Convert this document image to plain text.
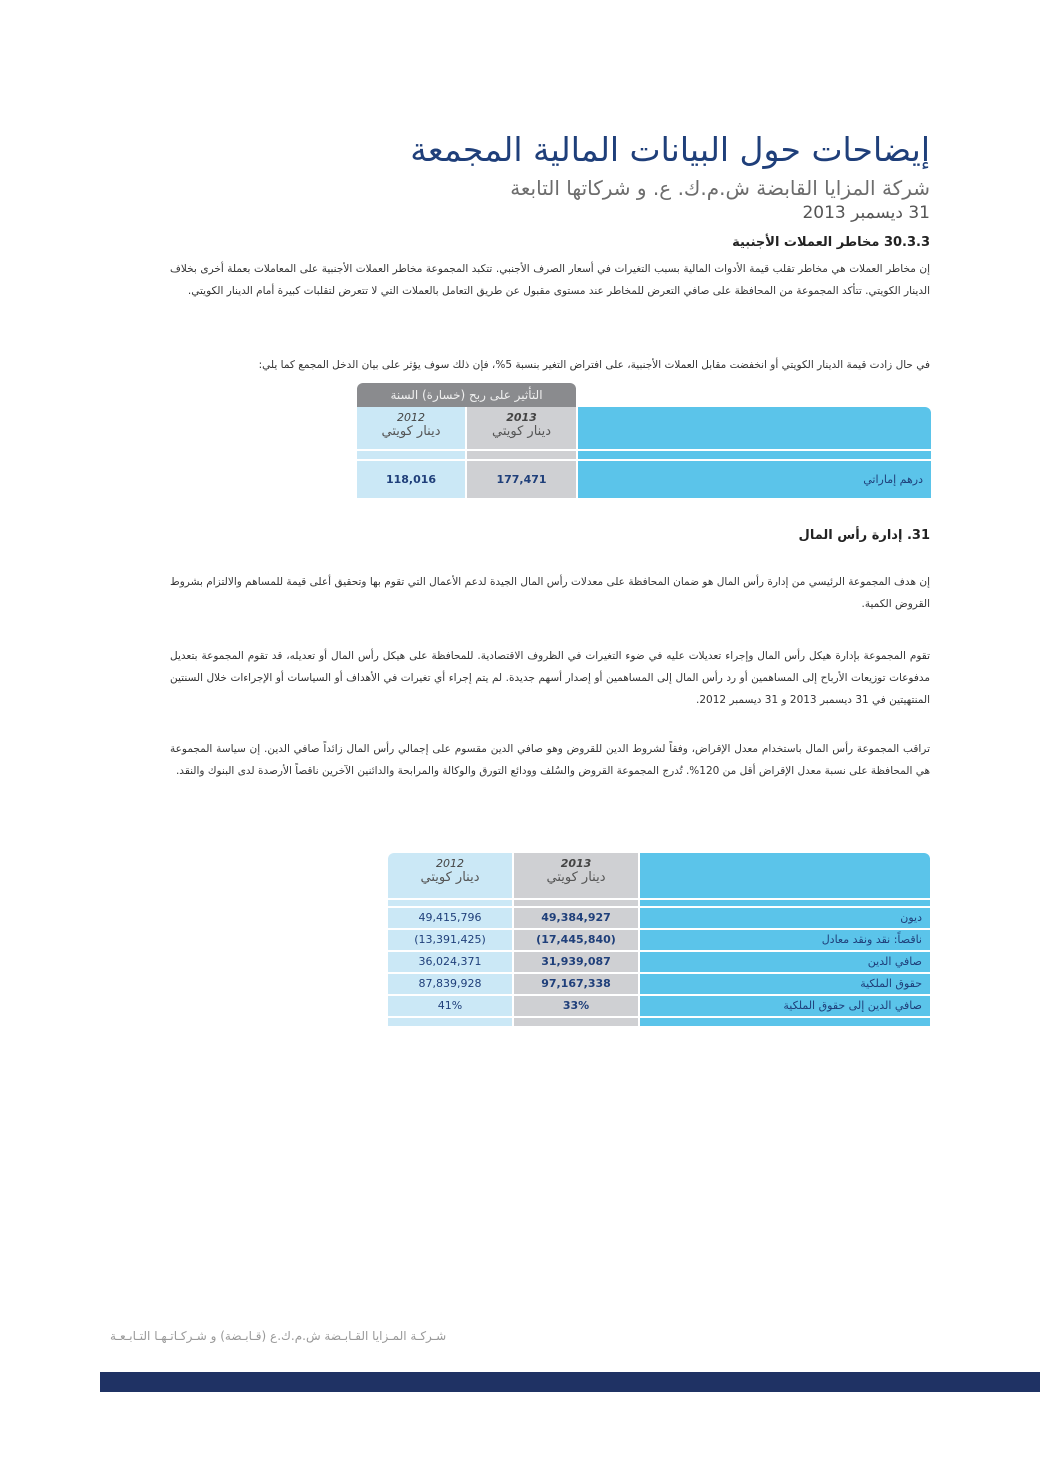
إيضاحات حول البيانات المالية المجمعة
شركة المزايا القابضة ش.م.ك. ع. و شركاتها التابعة
31 ديسمبر 2013
30.3.3 مخاطر العملات الأجنبية
إن مخاطر العملات هي مخاطر تقلب قيمة الأدوات المالية بسبب التغيرات في أسعار الصرف الأجنبي. تتكبد المجموعة مخاطر العملات الأجنبية على المعاملات بعملة أخرى بخلاف الدينار الكويتي. تتأكد المجموعة من المحافظة على صافي التعرض للمخاطر عند مستوى مقبول عن طريق التعامل بالعملات التي لا تتعرض لتقلبات كبيرة أمام الدينار الكويتي.
في حال زادت قيمة الدينار الكويتي أو انخفضت مقابل العملات الأجنبية، على افتراض التغير بنسبة 5%، فإن ذلك سوف يؤثر على بيان الدخل المجمع كما يلي:
التأثير على ربح (خسارة) السنة
2012
دينار كويتي
2013
دينار كويتي
118,016	177,471	درهم إماراتي
31. إدارة رأس المال
إن هدف المجموعة الرئيسي من إدارة رأس المال هو ضمان المحافظة على معدلات رأس المال الجيدة لدعم الأعمال التي تقوم بها وتحقيق أعلى قيمة للمساهم والالتزام بشروط القروض الكمية.
تقوم المجموعة بإدارة هيكل رأس المال وإجراء تعديلات عليه في ضوء التغيرات في الظروف الاقتصادية. للمحافظة على هيكل رأس المال أو تعديله، قد تقوم المجموعة بتعديل مدفوعات توزيعات الأرباح إلى المساهمين أو رد رأس المال إلى المساهمين أو إصدار أسهم جديدة. لم يتم إجراء أي تغيرات في الأهداف أو السياسات أو الإجراءات خلال السنتين المنتهيتين في 31 ديسمبر 2013 و 31 ديسمبر 2012.
تراقب المجموعة رأس المال باستخدام معدل الإقراض، وفقاً لشروط الدين للقروض وهو صافي الدين مقسوم على إجمالي رأس المال زائداً صافي الدين. إن سياسة المجموعة هي المحافظة على نسبة معدل الإقراض أقل من 120%. تُدرج المجموعة القروض والسُلف وودائع التورق والوكالة والمرابحة والدائنين الآخرين ناقصاً الأرصدة لدى البنوك والنقد.
2012
دينار كويتي
2013
دينار كويتي
49,415,796	49,384,927	ديون
(13,391,425)	(17,445,840)	ناقصاً: نقد ونقد معادل
36,024,371	31,939,087	صافي الدين
87,839,928	97,167,338	حقوق الملكية
41%	33%	صافي الدين إلى حقوق الملكية
شـركـة المـزايا القـابـضة ش.م.ك.ع (قـابـضة) و شـركـاتـهـا التـابـعـة
